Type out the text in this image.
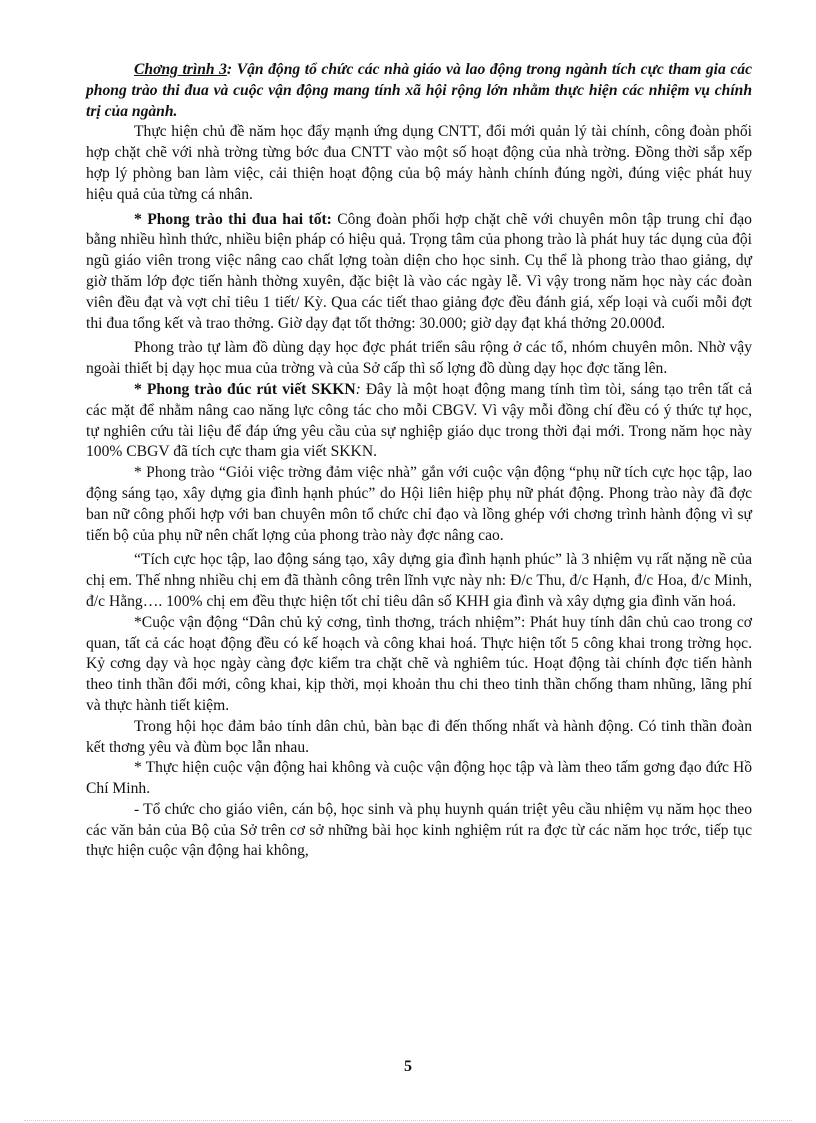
Chơng trình 3: Vận động tổ chức các nhà giáo và lao động trong ngành tích cực tham gia các phong trào thi đua và cuộc vận động mang tính xã hội rộng lớn nhằm thực hiện các nhiệm vụ chính trị của ngành.

Thực hiện chủ đề năm học đẩy mạnh ứng dụng CNTT, đổi mới quản lý tài chính, công đoàn phối hợp chặt chẽ với nhà trờng từng bớc đua CNTT vào một số hoạt động của nhà trờng. Đồng thời sắp xếp hợp lý phòng ban làm việc, cải thiện hoạt động của bộ máy hành chính đúng ngời, đúng việc phát huy hiệu quả của từng cá nhân.

* Phong trào thi đua hai tốt: Công đoàn phối hợp chặt chẽ với chuyên môn tập trung chỉ đạo bằng nhiều hình thức, nhiều biện pháp có hiệu quả. Trọng tâm của phong trào là phát huy tác dụng của đội ngũ giáo viên trong việc nâng cao chất lợng toàn diện cho học sinh. Cụ thể là phong trào thao giảng, dự giờ thăm lớp đợc tiến hành thờng xuyên, đặc biệt là vào các ngày lễ. Vì vậy trong năm học này các đoàn viên đều đạt và vợt chỉ tiêu 1 tiết/ Kỳ. Qua các tiết thao giảng đợc đều đánh giá, xếp loại và cuối mỗi đợt thi đua tổng kết và trao thởng. Giờ dạy đạt tốt thởng: 30.000; giờ dạy đạt khá thởng 20.000đ.

Phong trào tự làm đồ dùng dạy học đợc phát triển sâu rộng ở các tổ, nhóm chuyên môn. Nhờ vậy ngoài thiết bị dạy học mua của trờng và của Sở cấp thì số lợng đồ dùng dạy học đợc tăng lên.

* Phong trào đúc rút viết SKKN: Đây là một hoạt động mang tính tìm tòi, sáng tạo trên tất cả các mặt để nhằm nâng cao năng lực công tác cho mỗi CBGV. Vì vậy mỗi đồng chí đều có ý thức tự học, tự nghiên cứu tài liệu để đáp ứng yêu cầu của sự nghiệp giáo dục trong thời đại mới. Trong năm học này 100% CBGV đã tích cực tham gia viết SKKN.

* Phong trào “Giỏi việc trờng đảm việc nhà” gắn với cuộc vận động “phụ nữ tích cực học tập, lao động sáng tạo, xây dựng gia đình hạnh phúc” do Hội liên hiệp phụ nữ phát động. Phong trào này đã đợc ban nữ công phối hợp với ban chuyên môn tổ chức chỉ đạo và lồng ghép với chơng trình hành động vì sự tiến bộ của phụ nữ nên chất lợng của phong trào này đợc nâng cao.

“Tích cực học tập, lao động sáng tạo, xây dựng gia đình hạnh phúc” là 3 nhiệm vụ rất nặng nề của chị em. Thế nhng nhiều chị em đã thành công trên lĩnh vực này nh: Đ/c Thu, đ/c Hạnh, đ/c Hoa, đ/c Minh, đ/c Hằng…. 100% chị em đều thực hiện tốt chỉ tiêu dân số KHH gia đình và xây dựng gia đình văn hoá.

*Cuộc vận động “Dân chủ kỷ cơng, tình thơng, trách nhiệm”: Phát huy tính dân chủ cao trong cơ quan, tất cả các hoạt động đều có kế hoạch và công khai hoá. Thực hiện tốt 5 công khai trong trờng học. Kỷ cơng dạy và học ngày càng đợc kiểm tra chặt chẽ và nghiêm túc. Hoạt động tài chính đợc tiến hành theo tinh thần đổi mới, công khai, kịp thời, mọi khoản thu chi theo tinh thần chống tham nhũng, lãng phí và thực hành tiết kiệm.

Trong hội học đảm bảo tính dân chủ, bàn bạc đi đến thống nhất và hành động. Có tinh thần đoàn kết thơng yêu và đùm bọc lẫn nhau.

* Thực hiện cuộc vận động hai không và cuộc vận động học tập và làm theo tấm gơng đạo đức Hồ Chí Minh.

- Tổ chức cho giáo viên, cán bộ, học sinh và phụ huynh quán triệt yêu cầu nhiệm vụ năm học theo các văn bản của Bộ của Sở trên cơ sở những bài học kinh nghiệm rút ra đợc từ các năm học trớc, tiếp tục thực hiện cuộc vận động hai không,

5
